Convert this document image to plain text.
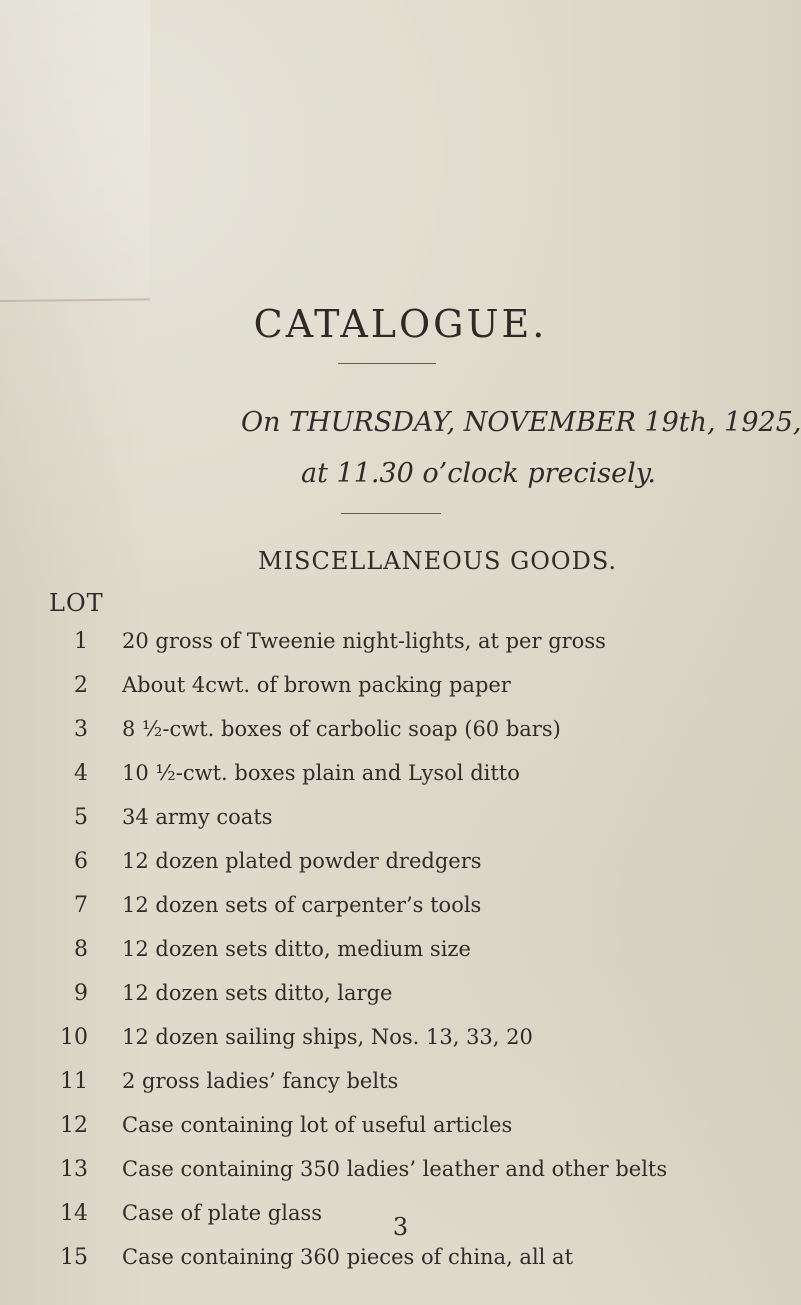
CATALOGUE.
On THURSDAY, NOVEMBER 19th, 1925,
at 11.30 o’clock precisely.
MISCELLANEOUS GOODS.
LOT
1 20 gross of Tweenie night-lights, at per gross
2 About 4cwt. of brown packing paper
3 8 ½-cwt. boxes of carbolic soap (60 bars)
4 10 ½-cwt. boxes plain and Lysol ditto
5 34 army coats
6 12 dozen plated powder dredgers
7 12 dozen sets of carpenter’s tools
8 12 dozen sets ditto, medium size
9 12 dozen sets ditto, large
10 12 dozen sailing ships, Nos. 13, 33, 20
11 2 gross ladies’ fancy belts
12 Case containing lot of useful articles
13 Case containing 350 ladies’ leather and other belts
14 Case of plate glass
15 Case containing 360 pieces of china, all at
3
